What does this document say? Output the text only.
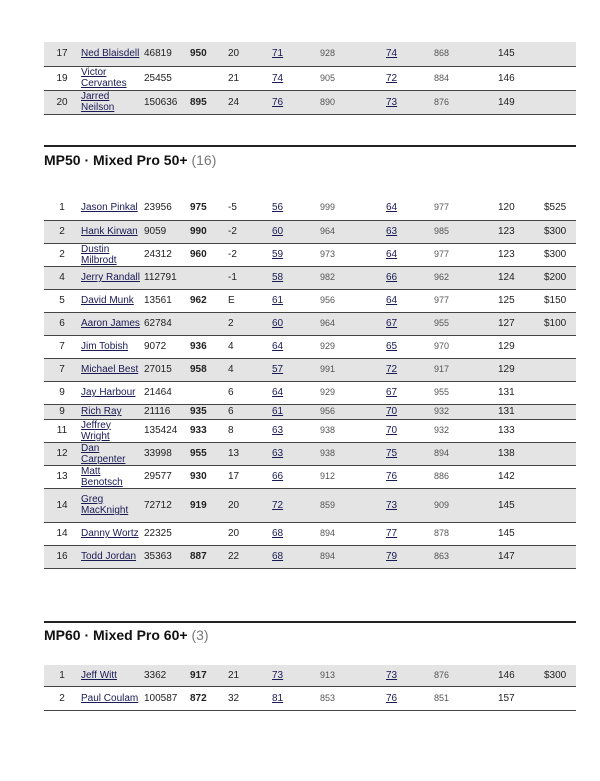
17	Ned Blaisdell	46819	950	20	71	928	74	868	145	
19	Victor Cervantes	25455		21	74	905	72	884	146	
20	Jarred Neilson	150636	895	24	76	890	73	876	149	
MP50 · Mixed Pro 50+ (16)
1	Jason Pinkal	23956	975	-5	56	999	64	977	120	$525
2	Hank Kirwan	9059	990	-2	60	964	63	985	123	$300
2	Dustin Milbrodt	24312	960	-2	59	973	64	977	123	$300
4	Jerry Randall	112791		-1	58	982	66	962	124	$200
5	David Munk	13561	962	E	61	956	64	977	125	$150
6	Aaron James	62784		2	60	964	67	955	127	$100
7	Jim Tobish	9072	936	4	64	929	65	970	129	
7	Michael Best	27015	958	4	57	991	72	917	129	
9	Jay Harbour	21464		6	64	929	67	955	131	
9	Rich Ray	21116	935	6	61	956	70	932	131	
11	Jeffrey Wright	135424	933	8	63	938	70	932	133	
12	Dan Carpenter	33998	955	13	63	938	75	894	138	
13	Matt Benotsch	29577	930	17	66	912	76	886	142	
14	Greg MacKnight	72712	919	20	72	859	73	909	145	
14	Danny Wortz	22325		20	68	894	77	878	145	
16	Todd Jordan	35363	887	22	68	894	79	863	147	
MP60 · Mixed Pro 60+ (3)
1	Jeff Witt	3362	917	21	73	913	73	876	146	$300
2	Paul Coulam	100587	872	32	81	853	76	851	157	
